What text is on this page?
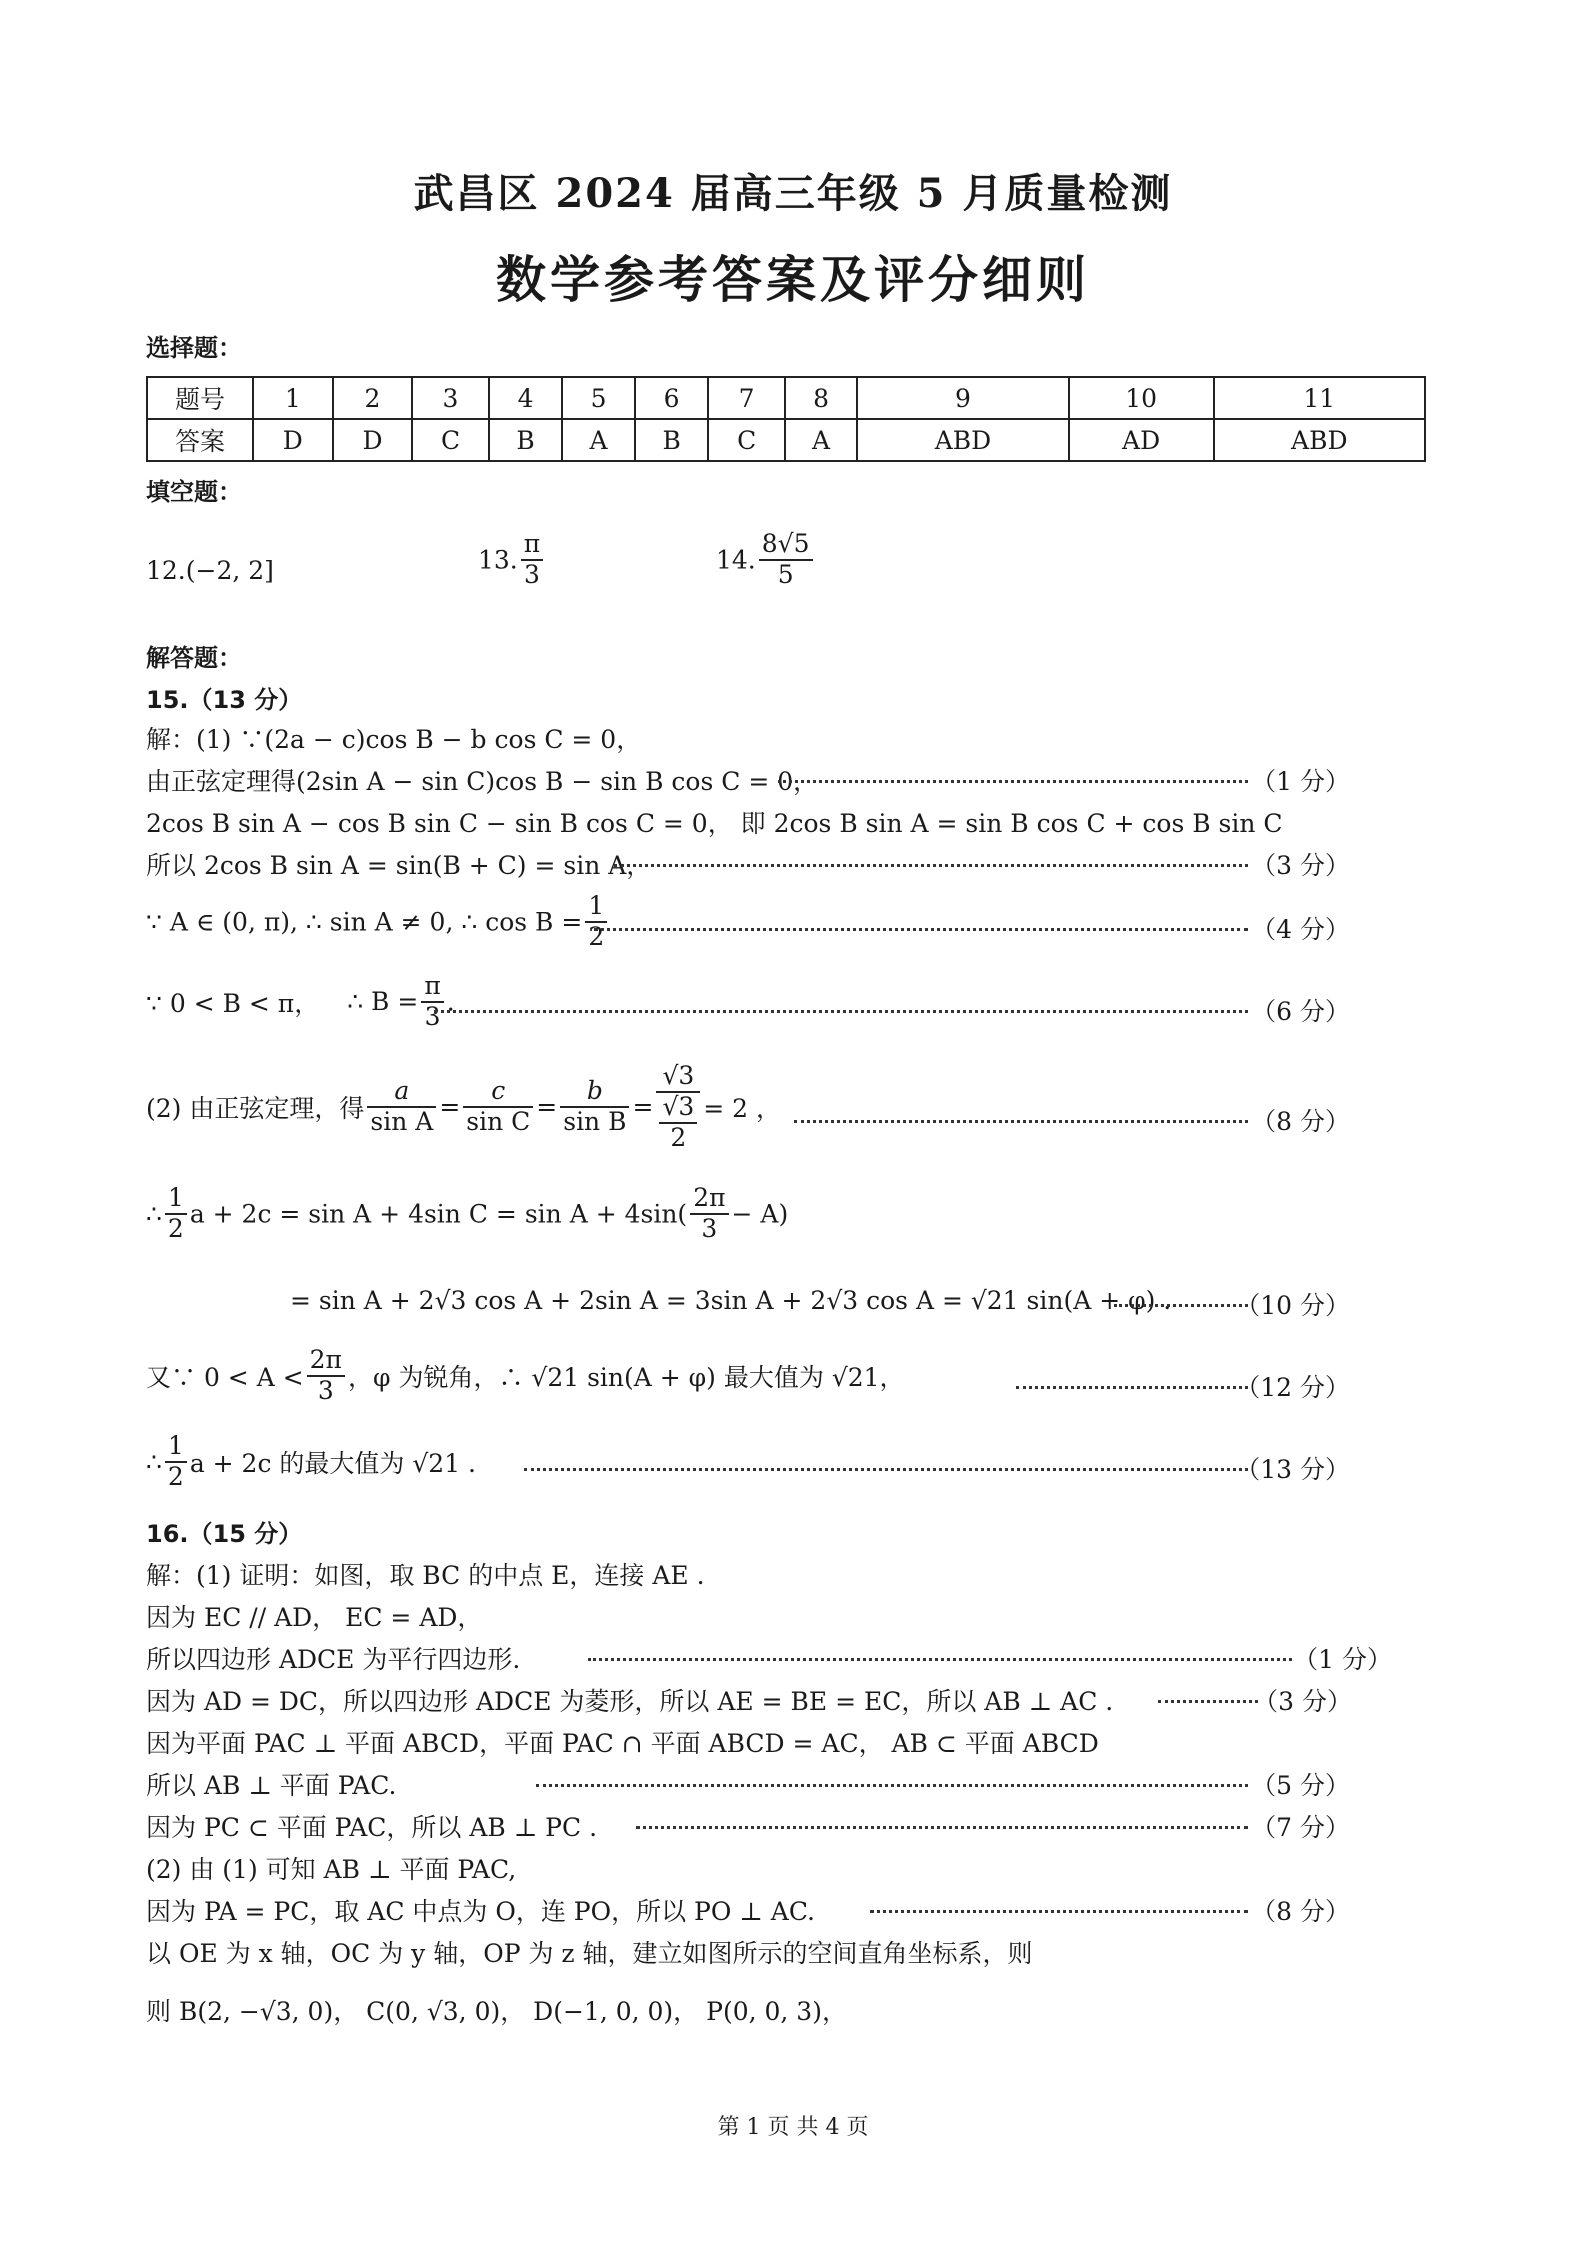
武昌区 2024 届高三年级 5 月质量检测
数学参考答案及评分细则
选择题：
题号	1	2	3	4	5	6	7	8	9	10	11
答案	D	D	C	B	A	B	C	A	ABD	AD	ABD
填空题：
12.(−2, 2]	13. $\frac{\pi}{3}$	14. $\frac{8√5}{5}$
解答题：
15.（13 分）
解：(1) ∵(2a − c)cos B − b cos C = 0，
由正弦定理得(2sin A − sin C)cos B − sin B cos C = 0，	（1 分）
2cos B sin A − cos B sin C − sin B cos C = 0， 即 2cos B sin A = sin B cos C + cos B sin C
所以 2cos B sin A = sin(B + C) = sin A，	（3 分）
∵ A ∈ (0, π), ∴ sin A ≠ 0, ∴ $\cos B = \frac{1}{2}$	（4 分）
∵ 0 < B < π， ∴ $B = \frac{\pi}{3}$ .	（6 分）
(2) 由正弦定理，得 $\frac{a}{\text{sin A}} = \frac{c}{\text{sin C}} = \frac{b}{\text{sin B}} = \frac{√3}{\frac{√3}{2}} = 2$ ，	（8 分）
∴ $\frac{1}{2}$ a + 2c = sin A + 4sin $C = \sin A + 4\sin( \frac{2\pi}{3} - A)$
= sin A + 2√3 cos A + 2sin A = 3sin A + 2√3 cos A = √21 sin(A + φ) .	（10 分）
又∵ $0 < A < \frac{2\pi}{3}$ ，φ 为锐角，∴ √21 sin(A + φ) 最大值为 √21，	（12 分）
∴ $\frac{1}{2}$ a + 2c 的最大值为 √21 .	（13 分）
16.（15 分）
解：(1) 证明：如图，取 BC 的中点 E，连接 AE .
因为 EC // AD， EC = AD，
所以四边形 ADCE 为平行四边形.	（1 分）
因为 AD = DC，所以四边形 ADCE 为菱形，所以 AE = BE = EC，所以 AB ⊥ AC .	（3 分）
因为平面 PAC ⊥ 平面 ABCD，平面 PAC ∩ 平面 ABCD = AC， AB ⊂ 平面 ABCD
所以 AB ⊥ 平面 PAC.	（5 分）
因为 PC ⊂ 平面 PAC，所以 AB ⊥ PC .	（7 分）
(2) 由 (1) 可知 AB ⊥ 平面 PAC,
因为 PA = PC，取 AC 中点为 O，连 PO，所以 PO ⊥ AC.	（8 分）
以 OE 为 x 轴，OC 为 y 轴，OP 为 z 轴，建立如图所示的空间直角坐标系，则
则 B(2, −√3, 0)， C(0, √3, 0)， D(−1, 0, 0)， P(0, 0, 3)，
第 1 页 共 4 页
